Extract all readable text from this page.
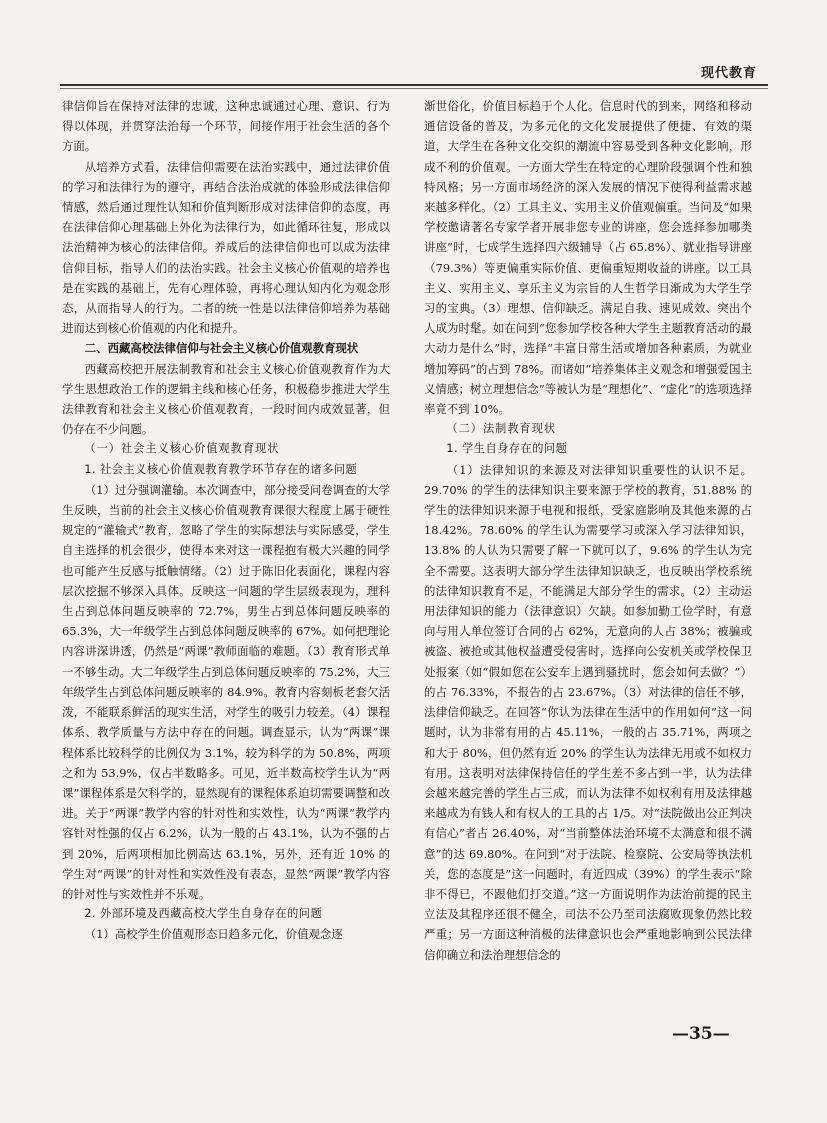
现代教育

律信仰旨在保持对法律的忠诚，这种忠诚通过心理、意识、行为得以体现，并贯穿法治每一个环节，间接作用于社会生活的各个方面。

从培养方式看，法律信仰需要在法治实践中，通过法律价值的学习和法律行为的遵守，再结合法治成就的体验形成法律信仰情感，然后通过理性认知和价值判断形成对法律信仰的态度，再在法律信仰心理基础上外化为法律行为，如此循环往复，形成以法治精神为核心的法律信仰。养成后的法律信仰也可以成为法律信仰目标，指导人们的法治实践。社会主义核心价值观的培养也是在实践的基础上，先有心理体验，再将心理认知内化为观念形态，从而指导人的行为。二者的统一性是以法律信仰培养为基础进而达到核心价值观的内化和提升。

二、西藏高校法律信仰与社会主义核心价值观教育现状

西藏高校把开展法制教育和社会主义核心价值观教育作为大学生思想政治工作的逻辑主线和核心任务，积极稳步推进大学生法律教育和社会主义核心价值观教育，一段时间内成效显著，但仍存在不少问题。

（一）社会主义核心价值观教育现状

1. 社会主义核心价值观教育教学环节存在的诸多问题

（1）过分强调灌输。本次调查中，部分接受问卷调查的大学生反映，当前的社会主义核心价值观教育课很大程度上属于硬性规定的“灌输式”教育，忽略了学生的实际想法与实际感受，学生自主选择的机会很少，使得本来对这一课程抱有极大兴趣的同学也可能产生反感与抵触情绪。（2）过于陈旧化表面化，课程内容层次挖掘不够深入具体。反映这一问题的学生层级表现为，理科生占到总体问题反映率的 72.7%，男生占到总体问题反映率的 65.3%，大一年级学生占到总体问题反映率的 67%。如何把理论内容讲深讲透，仍然是“两课”教师面临的难题。（3）教育形式单一不够生动。大二年级学生占到总体问题反映率的 75.2%，大三年级学生占到总体问题反映率的 84.9%。教育内容刻板老套欠活泼，不能联系鲜活的现实生活，对学生的吸引力较差。（4）课程体系、教学质量与方法中存在的问题。调查显示，认为“两课”课程体系比较科学的比例仅为 3.1%，较为科学的为 50.8%，两项之和为 53.9%，仅占半数略多。可见，近半数高校学生认为“两课”课程体系是欠科学的，显然现有的课程体系迫切需要调整和改进。关于“两课”教学内容的针对性和实效性，认为“两课”教学内容针对性强的仅占 6.2%，认为一般的占 43.1%，认为不强的占到 20%，后两项相加比例高达 63.1%，另外，还有近 10% 的学生对“两课”的针对性和实效性没有表态，显然“两课”教学内容的针对性与实效性并不乐观。

2. 外部环境及西藏高校大学生自身存在的问题

（1）高校学生价值观形态日趋多元化，价值观念逐

渐世俗化，价值目标趋于个人化。信息时代的到来，网络和移动通信设备的普及，为多元化的文化发展提供了便捷、有效的渠道，大学生在各种文化交织的潮流中容易受到各种文化影响，形成不利的价值观。一方面大学生在特定的心理阶段强调个性和独特风格；另一方面市场经济的深入发展的情况下使得利益需求越来越多样化。（2）工具主义、实用主义价值观偏重。当问及“如果学校邀请著名专家学者开展非您专业的讲座，您会选择参加哪类讲座”时，七成学生选择四六级辅导（占 65.8%）、就业指导讲座（79.3%）等更偏重实际价值、更偏重短期收益的讲座。以工具主义、实用主义、享乐主义为宗旨的人生哲学日渐成为大学生学习的宝典。（3）理想、信仰缺乏。满足自我、速见成效、突出个人成为时髦。如在问到“您参加学校各种大学生主题教育活动的最大动力是什么”时，选择“丰富日常生活或增加各种素质，为就业增加筹码”的占到 78%。而诸如“培养集体主义观念和增强爱国主义情感；树立理想信念”等被认为是“理想化”、“虚化”的选项选择率竟不到 10%。

（二）法制教育现状

1. 学生自身存在的问题

（1）法律知识的来源及对法律知识重要性的认识不足。29.70% 的学生的法律知识主要来源于学校的教育，51.88% 的学生的法律知识来源于电视和报纸，受家庭影响及其他来源的占 18.42%。78.60% 的学生认为需要学习或深入学习法律知识，13.8% 的人认为只需要了解一下就可以了，9.6% 的学生认为完全不需要。这表明大部分学生法律知识缺乏，也反映出学校系统的法律知识教育不足，不能满足大部分学生的需求。（2）主动运用法律知识的能力（法律意识）欠缺。如参加勤工俭学时，有意向与用人单位签订合同的占 62%，无意向的人占 38%；被骗或被盗、被抢或其他权益遭受侵害时，选择向公安机关或学校保卫处报案（如“假如您在公安车上遇到骚扰时，您会如何去做？”）的占 76.33%，不报告的占 23.67%。（3）对法律的信任不够，法律信仰缺乏。在回答“你认为法律在生活中的作用如何”这一问题时，认为非常有用的占 45.11%，一般的占 35.71%，两项之和大于 80%，但仍然有近 20% 的学生认为法律无用或不如权力有用。这表明对法律保持信任的学生差不多占到一半，认为法律会越来越完善的学生占三成，而认为法律不如权利有用及法律越来越成为有钱人和有权人的工具的占 1/5。对“法院做出公正判决有信心”者占 26.40%，对“当前整体法治环境不太满意和很不满意”的达 69.80%。在问到“对于法院、检察院、公安局等执法机关，您的态度是”这一问题时，有近四成（39%）的学生表示“除非不得已，不跟他们打交道。”这一方面说明作为法治前提的民主立法及其程序还很不健全，司法不公乃至司法腐败现象仍然比较严重；另一方面这种消极的法律意识也会严重地影响到公民法律信仰确立和法治理想信念的

—35—
